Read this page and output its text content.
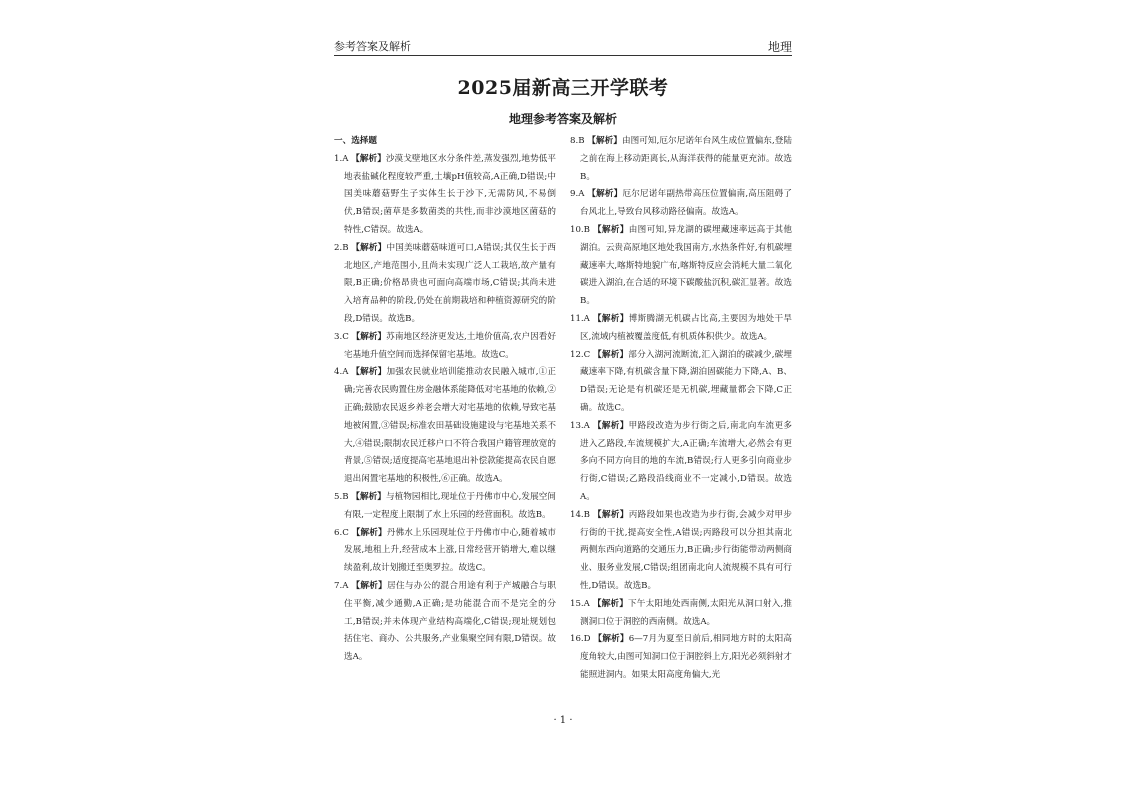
参考答案及解析	地理
2025届新高三开学联考
地理参考答案及解析

一、选择题

1.A 【解析】沙漠戈壁地区水分条件差,蒸发强烈,地势低平地表盐碱化程度较严重,土壤pH值较高,A正确,D错误;中国美味蘑菇野生子实体生长于沙下,无需防风,不易倒伏,B错误;菌草是多数菌类的共性,而非沙漠地区菌菇的特性,C错误。故选A。

2.B 【解析】中国美味蘑菇味道可口,A错误;其仅生长于西北地区,产地范围小,且尚未实现广泛人工栽培,故产量有限,B正确;价格昂贵也可面向高端市场,C错误;其尚未进入培育品种的阶段,仍处在前期栽培和种植资源研究的阶段,D错误。故选B。

3.C 【解析】苏南地区经济更发达,土地价值高,农户因看好宅基地升值空间而选择保留宅基地。故选C。

4.A 【解析】加强农民就业培训能推动农民融入城市,①正确;完善农民购置住房金融体系能降低对宅基地的依赖,②正确;鼓励农民返乡养老会增大对宅基地的依赖,导致宅基地被闲置,③错误;标准农田基础设施建设与宅基地关系不大,④错误;限制农民迁移户口不符合我国户籍管理放宽的背景,⑤错误;适度提高宅基地退出补偿款能提高农民自愿退出闲置宅基地的积极性,⑥正确。故选A。

5.B 【解析】与植物园相比,现址位于丹佛市中心,发展空间有限,一定程度上限制了水上乐园的经营面积。故选B。

6.C 【解析】丹佛水上乐园现址位于丹佛市中心,随着城市发展,地租上升,经营成本上涨,日常经营开销增大,难以继续盈利,故计划搬迁至奥罗拉。故选C。

7.A 【解析】居住与办公的混合用途有利于产城融合与职住平衡,减少通勤,A正确;是功能混合而不是完全的分工,B错误;并未体现产业结构高端化,C错误;现址规划包括住宅、商办、公共服务,产业集聚空间有限,D错误。故选A。

8.B 【解析】由图可知,厄尔尼诺年台风生成位置偏东,登陆之前在海上移动距离长,从海洋获得的能量更充沛。故选B。

9.A 【解析】厄尔尼诺年副热带高压位置偏南,高压阻碍了台风北上,导致台风移动路径偏南。故选A。

10.B 【解析】由图可知,异龙湖的碳埋藏速率远高于其他湖泊。云贵高原地区地处我国南方,水热条件好,有机碳埋藏速率大,喀斯特地貌广布,喀斯特反应会消耗大量二氧化碳进入湖泊,在合适的环境下碳酸盐沉积,碳汇显著。故选B。

11.A 【解析】博斯腾湖无机碳占比高,主要因为地处干旱区,流域内植被覆盖度低,有机质体积供少。故选A。

12.C 【解析】部分入湖河流断流,汇入湖泊的碳减少,碳埋藏速率下降,有机碳含量下降,湖泊固碳能力下降,A、B、D错误;无论是有机碳还是无机碳,埋藏量都会下降,C正确。故选C。

13.A 【解析】甲路段改造为步行街之后,南北向车流更多进入乙路段,车流规模扩大,A正确;车流增大,必然会有更多向不同方向目的地的车流,B错误;行人更多引向商业步行街,C错误;乙路段沿线商业不一定减小,D错误。故选A。

14.B 【解析】丙路段如果也改造为步行街,会减少对甲步行街的干扰,提高安全性,A错误;丙路段可以分担其南北两侧东西向道路的交通压力,B正确;步行街能带动两侧商业、服务业发展,C错误;组团南北向人流规模不具有可行性,D错误。故选B。

15.A 【解析】下午太阳地处西南侧,太阳光从洞口射入,推测洞口位于洞腔的西南侧。故选A。

16.D 【解析】6—7月为夏至日前后,相同地方时的太阳高度角较大,由图可知洞口位于洞腔斜上方,阳光必须斜射才能照进洞内。如果太阳高度角偏大,光

· 1 ·
